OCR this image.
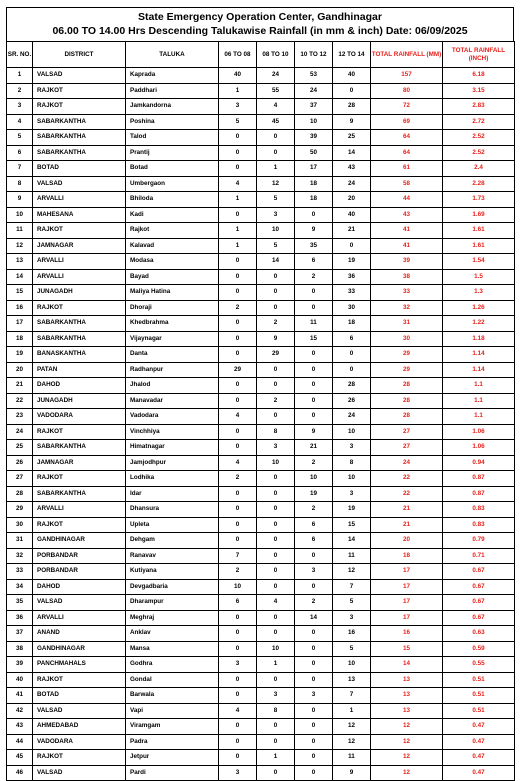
State Emergency Operation Center, Gandhinagar
06.00 TO 14.00 Hrs Descending Talukawise Rainfall (in mm & inch) Date: 06/09/2025
SR. NO.	DISTRICT	TALUKA	06 TO 08	08 TO 10	10 TO 12	12 TO 14	TOTAL RAINFALL (MM)	TOTAL RAINFALL (INCH)
1	VALSAD	Kaprada	40	24	53	40	157	6.18
2	RAJKOT	Paddhari	1	55	24	0	80	3.15
3	RAJKOT	Jamkandorna	3	4	37	28	72	2.83
4	SABARKANTHA	Poshina	5	45	10	9	69	2.72
5	SABARKANTHA	Talod	0	0	39	25	64	2.52
6	SABARKANTHA	Prantij	0	0	50	14	64	2.52
7	BOTAD	Botad	0	1	17	43	61	2.4
8	VALSAD	Umbergaon	4	12	18	24	58	2.28
9	ARVALLI	Bhiloda	1	5	18	20	44	1.73
10	MAHESANA	Kadi	0	3	0	40	43	1.69
11	RAJKOT	Rajkot	1	10	9	21	41	1.61
12	JAMNAGAR	Kalavad	1	5	35	0	41	1.61
13	ARVALLI	Modasa	0	14	6	19	39	1.54
14	ARVALLI	Bayad	0	0	2	36	38	1.5
15	JUNAGADH	Maliya Hatina	0	0	0	33	33	1.3
16	RAJKOT	Dhoraji	2	0	0	30	32	1.26
17	SABARKANTHA	Khedbrahma	0	2	11	18	31	1.22
18	SABARKANTHA	Vijaynagar	0	9	15	6	30	1.18
19	BANASKANTHA	Danta	0	29	0	0	29	1.14
20	PATAN	Radhanpur	29	0	0	0	29	1.14
21	DAHOD	Jhalod	0	0	0	28	28	1.1
22	JUNAGADH	Manavadar	0	2	0	26	28	1.1
23	VADODARA	Vadodara	4	0	0	24	28	1.1
24	RAJKOT	Vinchhiya	0	8	9	10	27	1.06
25	SABARKANTHA	Himatnagar	0	3	21	3	27	1.06
26	JAMNAGAR	Jamjodhpur	4	10	2	8	24	0.94
27	RAJKOT	Lodhika	2	0	10	10	22	0.87
28	SABARKANTHA	Idar	0	0	19	3	22	0.87
29	ARVALLI	Dhansura	0	0	2	19	21	0.83
30	RAJKOT	Upleta	0	0	6	15	21	0.83
31	GANDHINAGAR	Dehgam	0	0	6	14	20	0.79
32	PORBANDAR	Ranavav	7	0	0	11	18	0.71
33	PORBANDAR	Kutiyana	2	0	3	12	17	0.67
34	DAHOD	Devgadbaria	10	0	0	7	17	0.67
35	VALSAD	Dharampur	6	4	2	5	17	0.67
36	ARVALLI	Meghraj	0	0	14	3	17	0.67
37	ANAND	Anklav	0	0	0	16	16	0.63
38	GANDHINAGAR	Mansa	0	10	0	5	15	0.59
39	PANCHMAHALS	Godhra	3	1	0	10	14	0.55
40	RAJKOT	Gondal	0	0	0	13	13	0.51
41	BOTAD	Barwala	0	3	3	7	13	0.51
42	VALSAD	Vapi	4	8	0	1	13	0.51
43	AHMEDABAD	Viramgam	0	0	0	12	12	0.47
44	VADODARA	Padra	0	0	0	12	12	0.47
45	RAJKOT	Jetpur	0	1	0	11	12	0.47
46	VALSAD	Pardi	3	0	0	9	12	0.47
